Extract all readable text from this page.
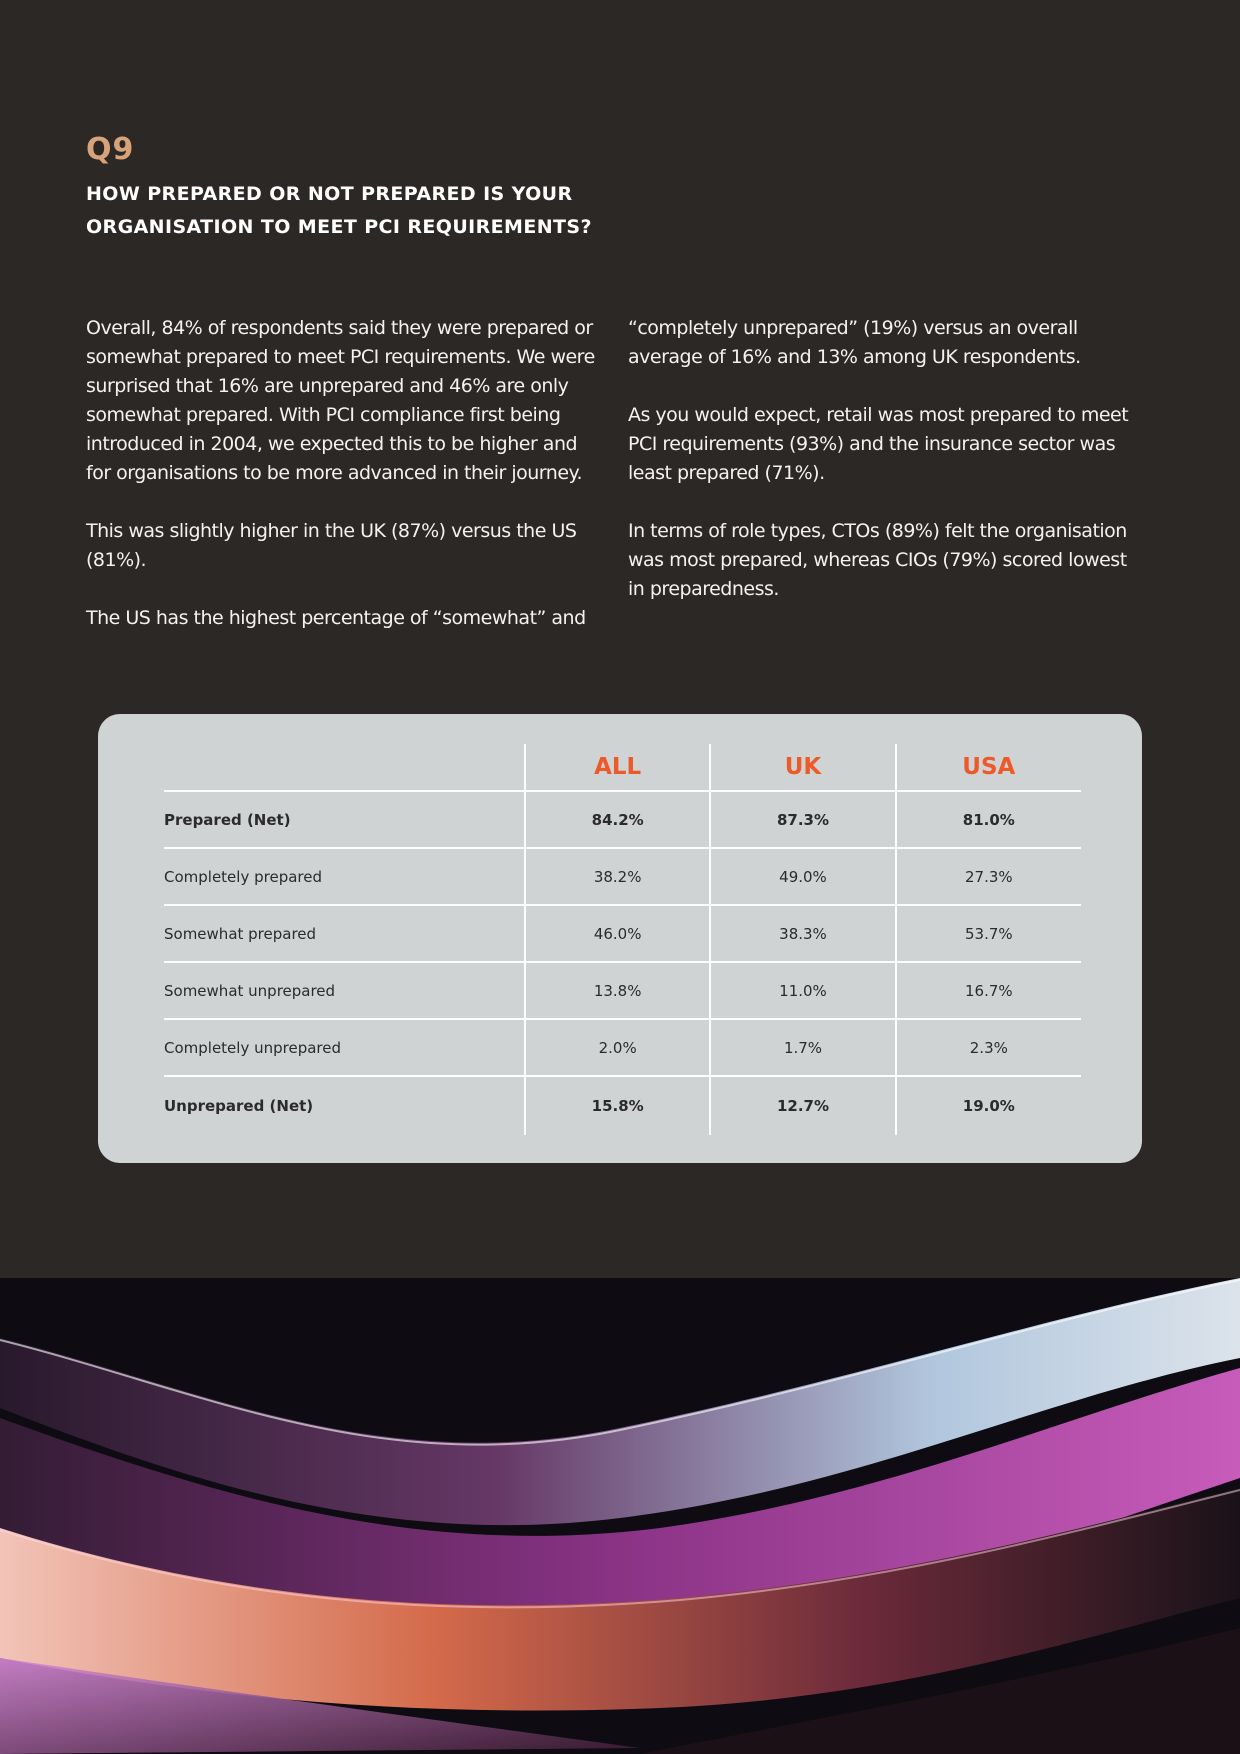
Q9
HOW PREPARED OR NOT PREPARED IS YOUR ORGANISATION TO MEET PCI REQUIREMENTS?

Overall, 84% of respondents said they were prepared or somewhat prepared to meet PCI requirements. We were surprised that 16% are unprepared and 46% are only somewhat prepared. With PCI compliance first being introduced in 2004, we expected this to be higher and for organisations to be more advanced in their journey.

This was slightly higher in the UK (87%) versus the US (81%).

The US has the highest percentage of “somewhat” and

“completely unprepared” (19%) versus an overall average of 16% and 13% among UK respondents.

As you would expect, retail was most prepared to meet PCI requirements (93%) and the insurance sector was least prepared (71%).

In terms of role types, CTOs (89%) felt the organisation was most prepared, whereas CIOs (79%) scored lowest in preparedness.

	ALL	UK	USA
Prepared (Net)	84.2%	87.3%	81.0%
Completely prepared	38.2%	49.0%	27.3%
Somewhat prepared	46.0%	38.3%	53.7%
Somewhat unprepared	13.8%	11.0%	16.7%
Completely unprepared	2.0%	1.7%	2.3%
Unprepared (Net)	15.8%	12.7%	19.0%
